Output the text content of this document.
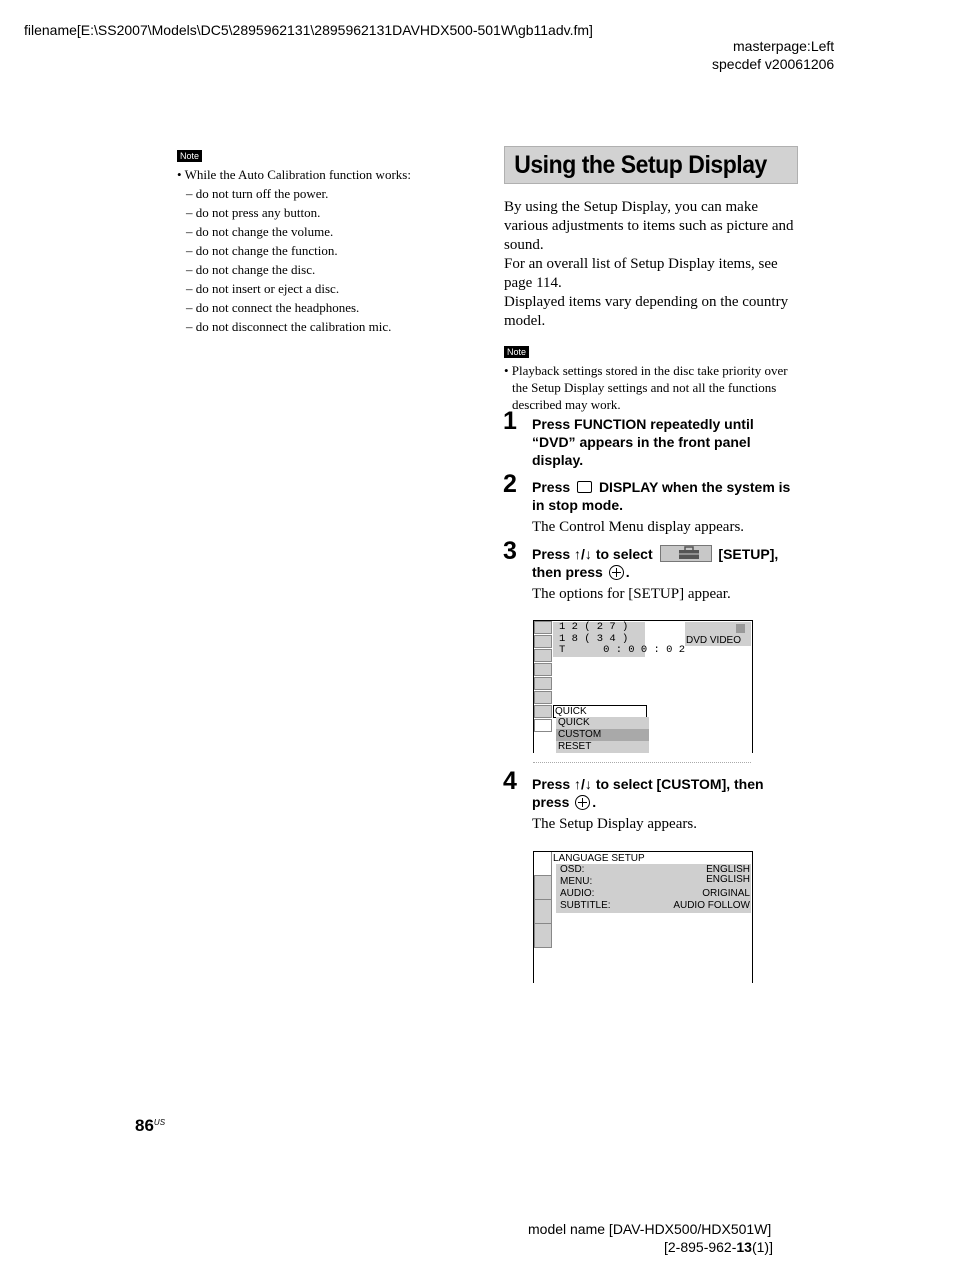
filename[E:\SS2007\Models\DC5\2895962131\2895962131DAVHDX500-501W\gb11adv.fm]
masterpage:Left
specdef v20061206
Note
• While the Auto Calibration function works:
– do not turn off the power.
– do not press any button.
– do not change the volume.
– do not change the function.
– do not change the disc.
– do not insert or eject a disc.
– do not connect the headphones.
– do not disconnect the calibration mic.
Using the Setup Display
By using the Setup Display, you can make
various adjustments to items such as picture and
sound.
For an overall list of Setup Display items, see
page 114.
Displayed items vary depending on the country
model.
Note
• Playback settings stored in the disc take priority over
the Setup Display settings and not all the functions
described may work.
1 Press FUNCTION repeatedly until
“DVD” appears in the front panel
display.
2 Press DISPLAY when the system is
in stop mode.
The Control Menu display appears.
3 Press ↑/↓ to select	[SETUP],
then press .
The options for [SETUP] appear.
1 2 ( 2 7 )
1 8 ( 3 4 )
T      0 : 0 0 : 0 2
DVD VIDEO
QUICK
QUICK
CUSTOM
RESET
4 Press ↑/↓ to select [CUSTOM], then
press .
The Setup Display appears.
LANGUAGE SETUP
OSD:	ENGLISH
MENU:	ENGLISH
AUDIO:	ORIGINAL
SUBTITLE:	AUDIO FOLLOW
$86^{US}$
model name [DAV-HDX500/HDX501W]
[2-895-962-13(1)]
